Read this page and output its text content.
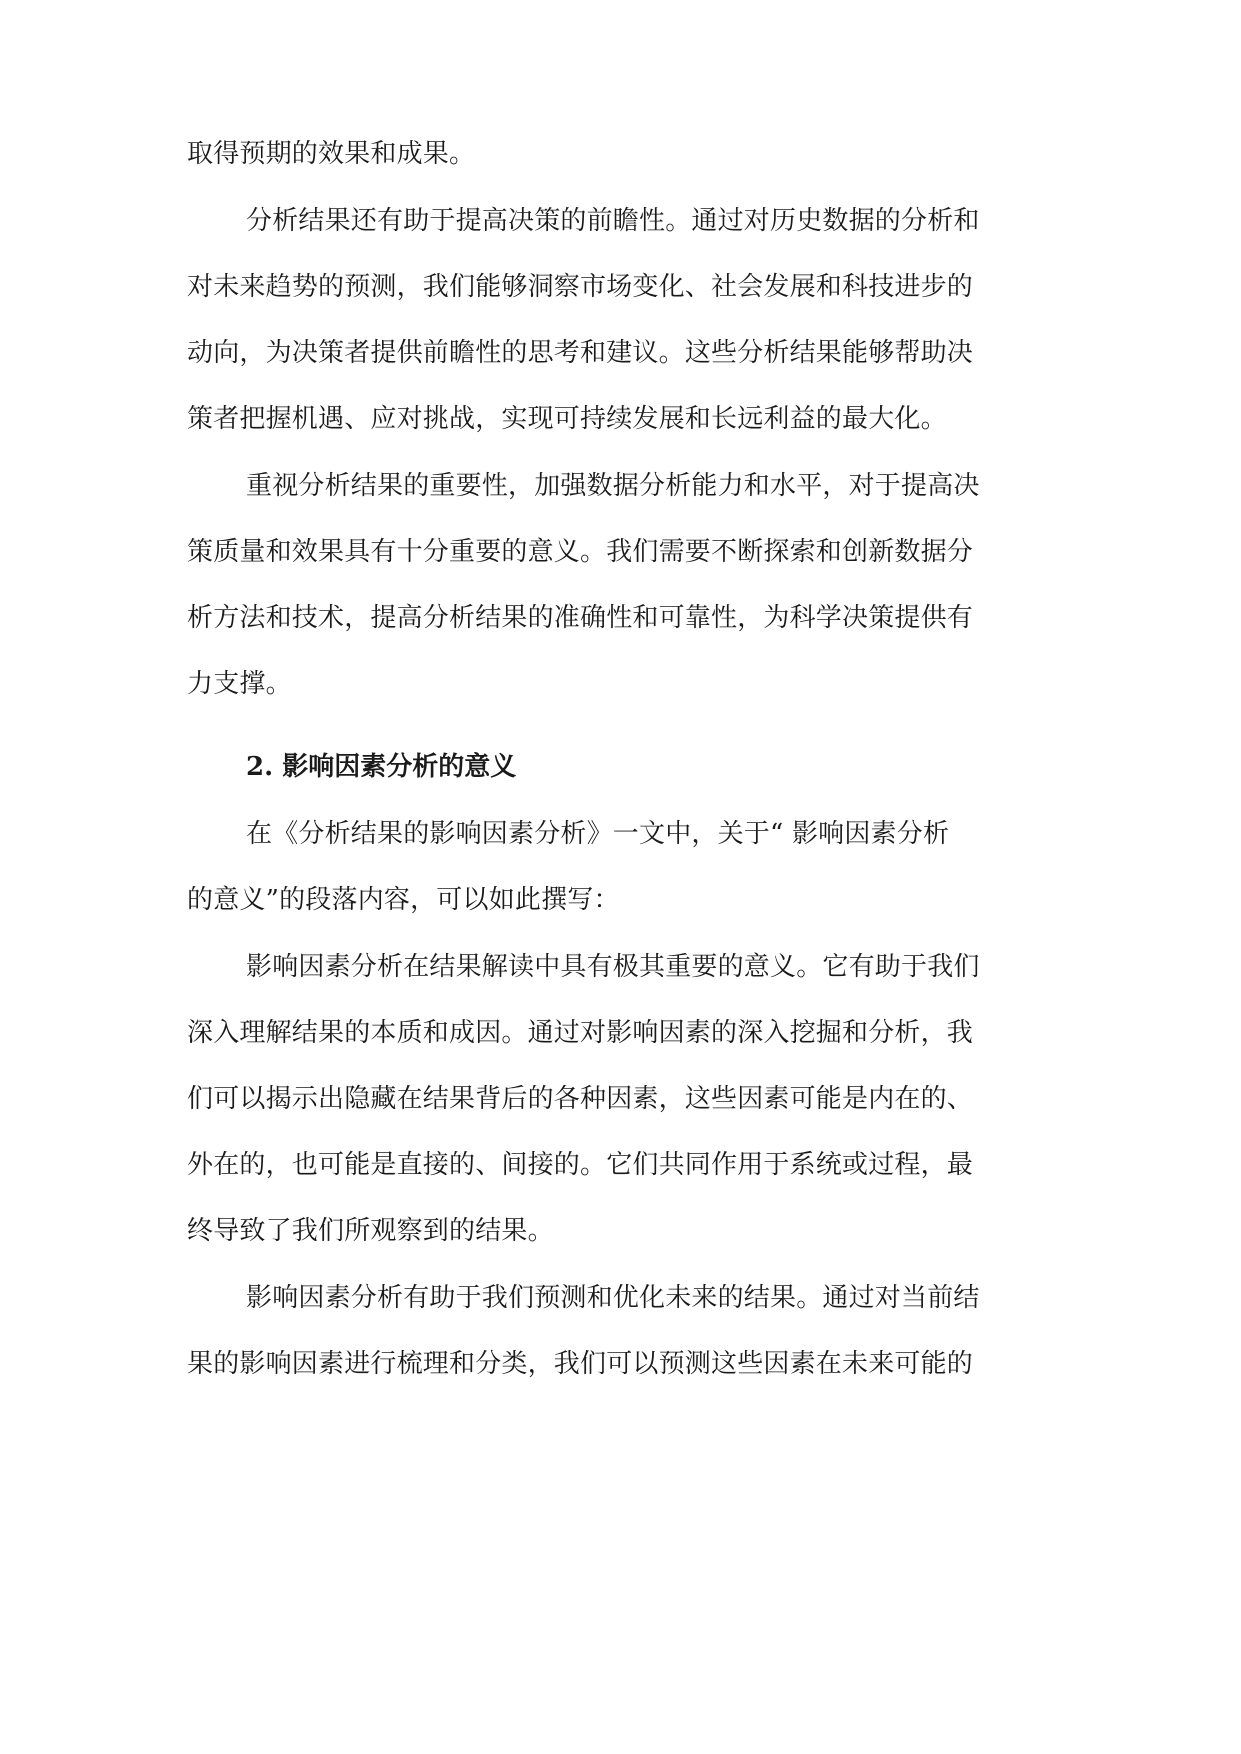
取得预期的效果和成果。
分析结果还有助于提高决策的前瞻性。通过对历史数据的分析和
对未来趋势的预测，我们能够洞察市场变化、社会发展和科技进步的
动向，为决策者提供前瞻性的思考和建议。这些分析结果能够帮助决
策者把握机遇、应对挑战，实现可持续发展和长远利益的最大化。
重视分析结果的重要性，加强数据分析能力和水平，对于提高决
策质量和效果具有十分重要的意义。我们需要不断探索和创新数据分
析方法和技术，提高分析结果的准确性和可靠性，为科学决策提供有
力支撑。
2. 影响因素分析的意义
在《分析结果的影响因素分析》一文中，关于“ 影响因素分析
的意义”的段落内容，可以如此撰写：
影响因素分析在结果解读中具有极其重要的意义。它有助于我们
深入理解结果的本质和成因。通过对影响因素的深入挖掘和分析，我
们可以揭示出隐藏在结果背后的各种因素，这些因素可能是内在的、
外在的，也可能是直接的、间接的。它们共同作用于系统或过程，最
终导致了我们所观察到的结果。
影响因素分析有助于我们预测和优化未来的结果。通过对当前结
果的影响因素进行梳理和分类，我们可以预测这些因素在未来可能的
